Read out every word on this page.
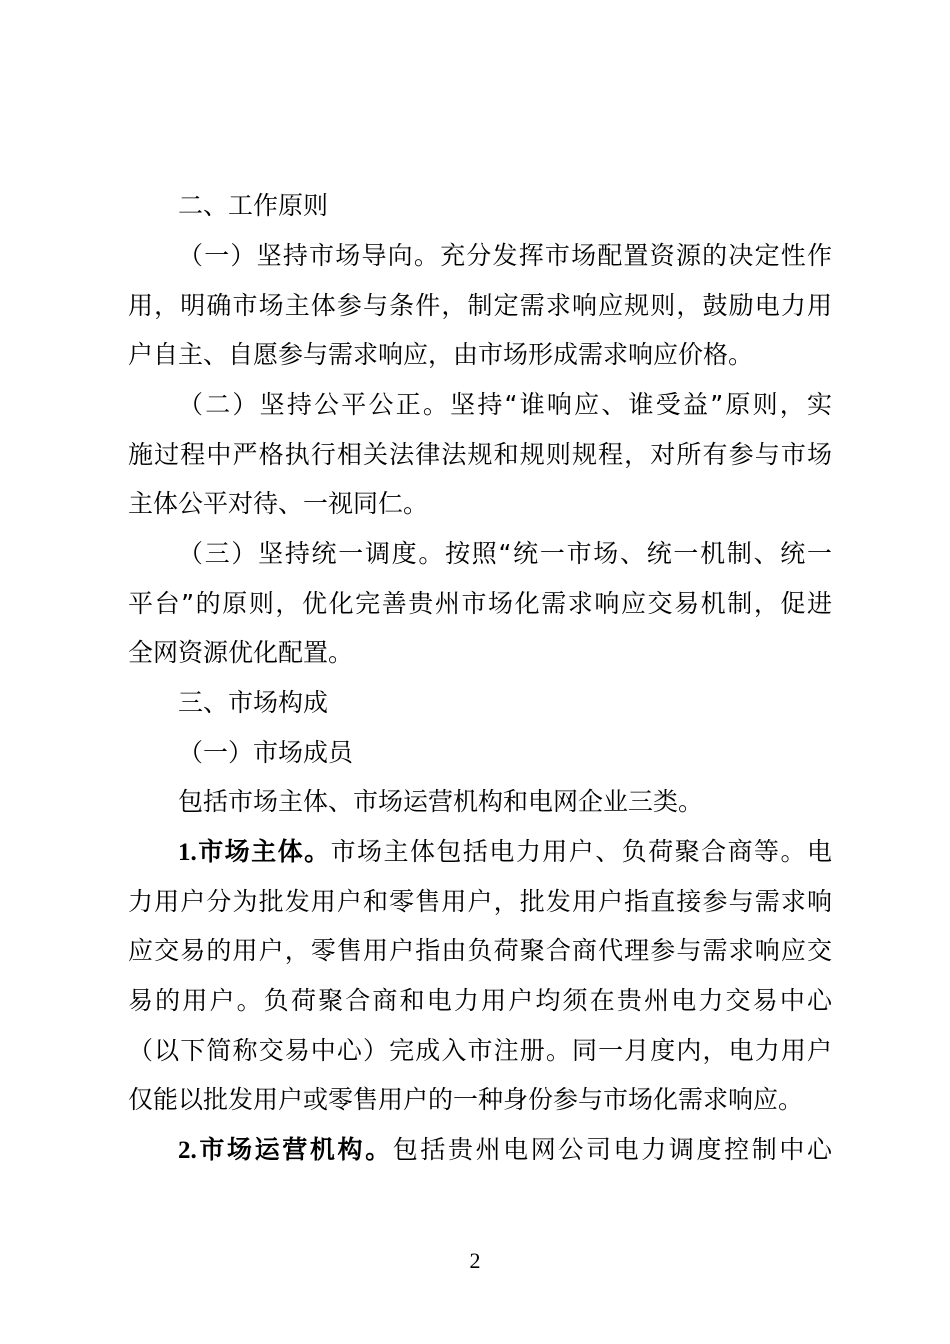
二、工作原则
（一）坚持市场导向。充分发挥市场配置资源的决定性作
用，明确市场主体参与条件，制定需求响应规则，鼓励电力用
户自主、自愿参与需求响应，由市场形成需求响应价格。
（二）坚持公平公正。坚持“谁响应、谁受益”原则，实
施过程中严格执行相关法律法规和规则规程，对所有参与市场
主体公平对待、一视同仁。
（三）坚持统一调度。按照“统一市场、统一机制、统一
平台”的原则，优化完善贵州市场化需求响应交易机制，促进
全网资源优化配置。
三、市场构成
（一）市场成员
包括市场主体、市场运营机构和电网企业三类。
1.市场主体。市场主体包括电力用户、负荷聚合商等。电
力用户分为批发用户和零售用户，批发用户指直接参与需求响
应交易的用户，零售用户指由负荷聚合商代理参与需求响应交
易的用户。负荷聚合商和电力用户均须在贵州电力交易中心
（以下简称交易中心）完成入市注册。同一月度内，电力用户
仅能以批发用户或零售用户的一种身份参与市场化需求响应。
2.市场运营机构。包括贵州电网公司电力调度控制中心
2
